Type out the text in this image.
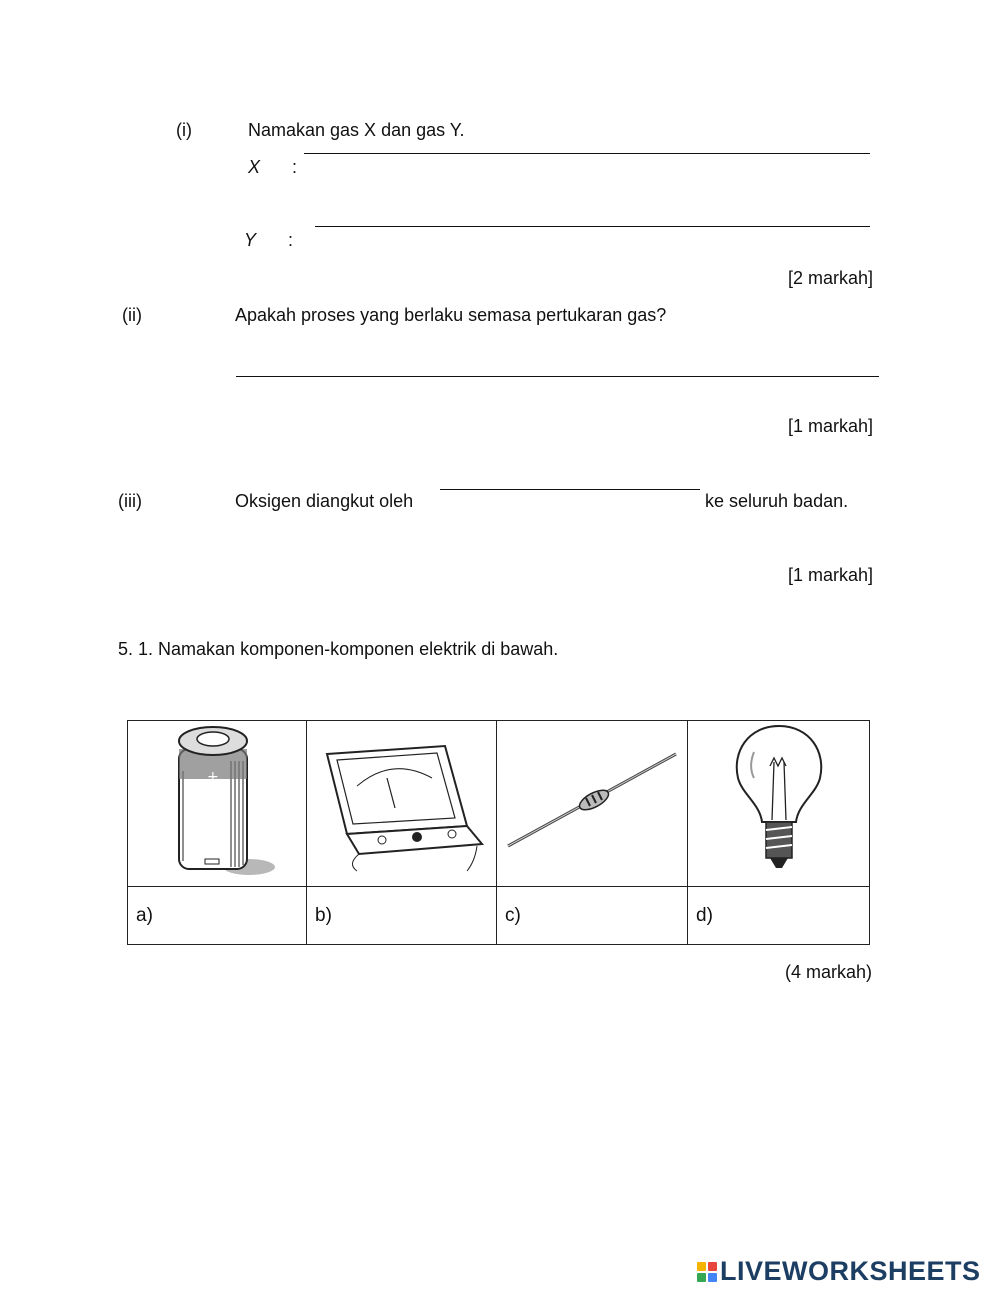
(i)	Namakan gas X dan gas Y.
X :
Y :
[2 markah]
(ii)	Apakah proses yang berlaku semasa pertukaran gas?
[1 markah]
(iii)	Oksigen diangkut oleh	ke seluruh badan.
[1 markah]
5. 1. Namakan komponen-komponen elektrik di bawah.
+

a)	b)	c)	d)
(4 markah)
LIVEWORKSHEETS
